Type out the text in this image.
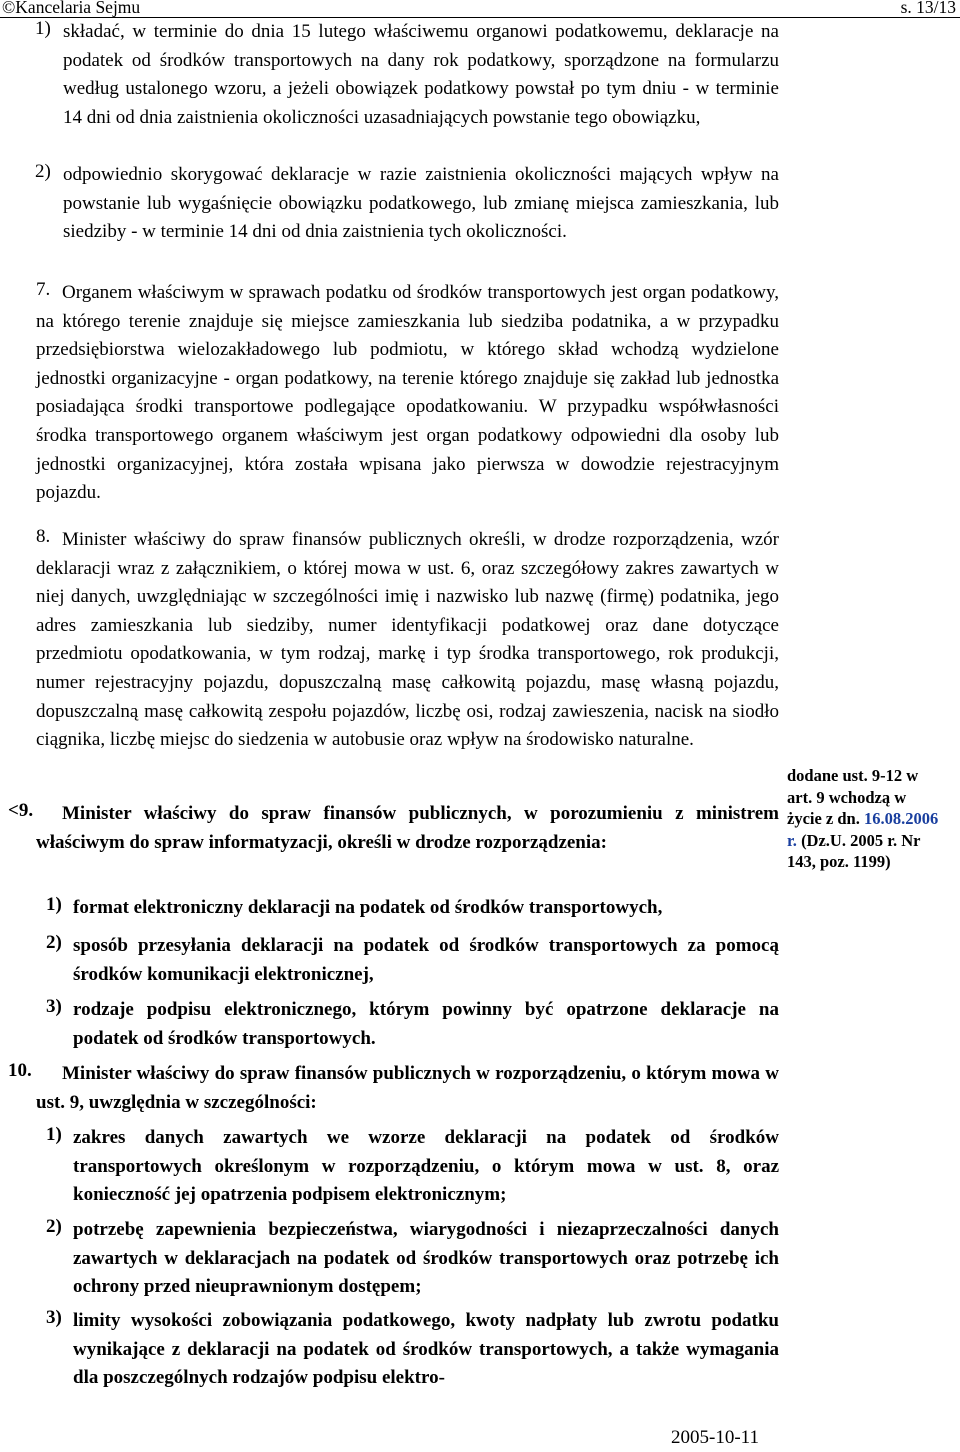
©Kancelaria Sejmu	s. 13/13
1) składać, w terminie do dnia 15 lutego właściwemu organowi podatkowemu, deklaracje na podatek od środków transportowych na dany rok podatkowy, sporządzone na formularzu według ustalonego wzoru, a jeżeli obowiązek podatkowy powstał po tym dniu - w terminie 14 dni od dnia zaistnienia okoliczności uzasadniających powstanie tego obowiązku,

2) odpowiednio skorygować deklaracje w razie zaistnienia okoliczności mających wpływ na powstanie lub wygaśnięcie obowiązku podatkowego, lub zmianę miejsca zamieszkania, lub siedziby - w terminie 14 dni od dnia zaistnienia tych okoliczności.

7. Organem właściwym w sprawach podatku od środków transportowych jest organ podatkowy, na którego terenie znajduje się miejsce zamieszkania lub siedziba podatnika, a w przypadku przedsiębiorstwa wielozakładowego lub podmiotu, w którego skład wchodzą wydzielone jednostki organizacyjne - organ podatkowy, na terenie którego znajduje się zakład lub jednostka posiadająca środki transportowe podlegające opodatkowaniu. W przypadku współwłasności środka transportowego organem właściwym jest organ podatkowy odpowiedni dla osoby lub jednostki organizacyjnej, która została wpisana jako pierwsza w dowodzie rejestracyjnym pojazdu.

8. Minister właściwy do spraw finansów publicznych określi, w drodze rozporządzenia, wzór deklaracji wraz z załącznikiem, o której mowa w ust. 6, oraz szczegółowy zakres zawartych w niej danych, uwzględniając w szczególności imię i nazwisko lub nazwę (firmę) podatnika, jego adres zamieszkania lub siedziby, numer identyfikacji podatkowej oraz dane dotyczące przedmiotu opodatkowania, w tym rodzaj, markę i typ środka transportowego, rok produkcji, numer rejestracyjny pojazdu, dopuszczalną masę całkowitą pojazdu, masę własną pojazdu, dopuszczalną masę całkowitą zespołu pojazdów, liczbę osi, rodzaj zawieszenia, nacisk na siodło ciągnika, liczbę miejsc do siedzenia w autobusie oraz wpływ na środowisko naturalne.

<9.	Minister właściwy do spraw finansów publicznych, w porozumieniu z ministrem właściwym do spraw informatyzacji, określi w drodze rozporządzenia:

1) format elektroniczny deklaracji na podatek od środków transportowych,

2) sposób przesyłania deklaracji na podatek od środków transportowych za pomocą środków komunikacji elektronicznej,

3) rodzaje podpisu elektronicznego, którym powinny być opatrzone deklaracje na podatek od środków transportowych.

10.	Minister właściwy do spraw finansów publicznych w rozporządzeniu, o którym mowa w ust. 9, uwzględnia w szczególności:

1) zakres danych zawartych we wzorze deklaracji na podatek od środków transportowych określonym w rozporządzeniu, o którym mowa w ust. 8, oraz konieczność jej opatrzenia podpisem elektronicznym;

2) potrzebę zapewnienia bezpieczeństwa, wiarygodności i niezaprzeczalności danych zawartych w deklaracjach na podatek od środków transportowych oraz potrzebę ich ochrony przed nieuprawnionym dostępem;

3) limity wysokości zobowiązania podatkowego, kwoty nadpłaty lub zwrotu podatku wynikające z deklaracji na podatek od środków transportowych, a także wymagania dla poszczególnych rodzajów podpisu elektro-

dodane ust. 9-12 w
art. 9 wchodzą w
życie z dn. 16.08.2006
r. (Dz.U. 2005 r. Nr
143, poz. 1199)
2005-10-11
